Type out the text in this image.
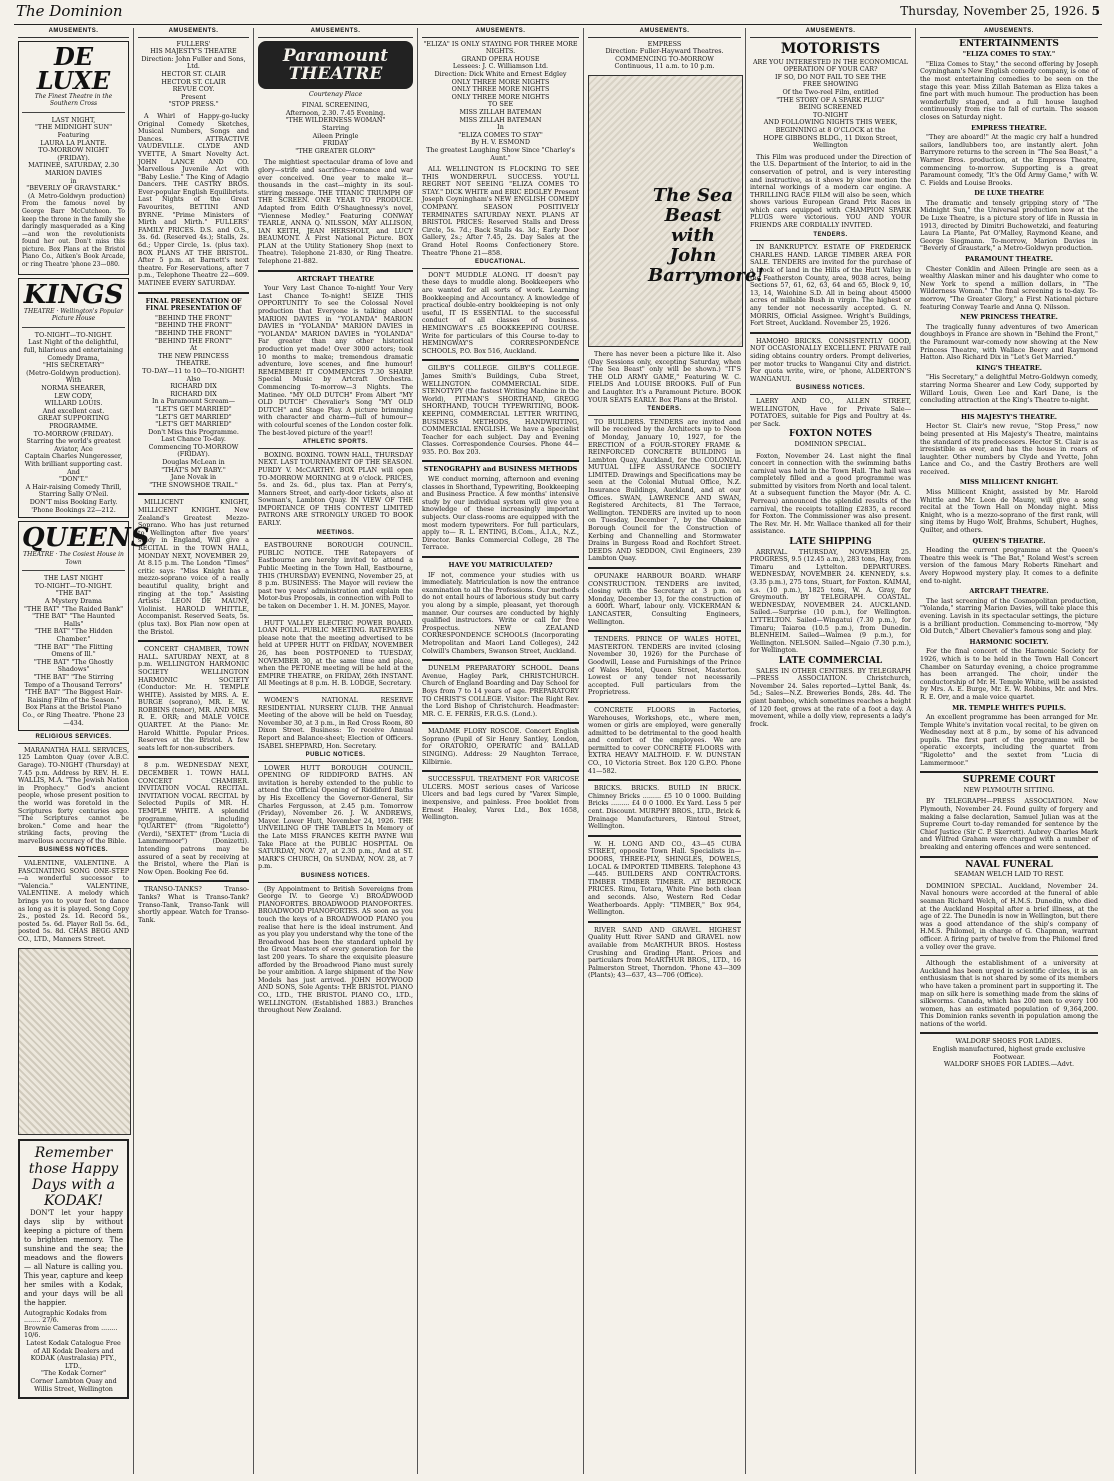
The Dominion	Thursday, November 25, 1926. 5
AMUSEMENTS.
DE LUXE
The Finest Theatre in the Southern Cross
LAST NIGHT,
"THE MIDNIGHT SUN"
Featuring
LAURA LA PLANTE.
TO-MORROW NIGHT
(FRIDAY).
MATINEE, SATURDAY, 2.30
MARION DAVIES
in
"BEVERLY OF GRAVSTARK."

(A Metro-Goldwyn production) From the famous novel by George Barr McCutcheon. To keep the throne in the family she daringly masqueraded as a King—and won the revolutionists found her out. Don't miss this picture. Box Plans at the Bristol Piano Co., Aitken's Book Arcade, or ring Theatre 'phone 23—080.

KINGS
THEATRE · Wellington's Popular Picture House
TO-NIGHT—TO-NIGHT.
Last Night of the delightful, full, hilarious and entertaining Comedy Drama,
"HIS SECRETARY"
(Metro-Goldwyn production).
With
NORMA SHEARER,
LEW CODY,
WILLARD LOUIS.
And excellent cast.
GREAT SUPPORTING PROGRAMME.
TO-MORROW (FRIDAY).
Starring the world's greatest Aviator, Ace
Captain Charles Nungeresser,
With brilliant supporting cast.
And
"DON'T."
A Hair-raising Comedy Thrill,
Starring Sally O'Neil.
DON'T miss Booking Early.
'Phone Bookings 22—212.
QUEENS
THEATRE · The Cosiest House in Town
THE LAST NIGHT
TO-NIGHT—TO-NIGHT.
"THE BAT"
A Mystery Drama
"THE BAT" "The Raided Bank"
"THE BAT" "The Haunted Halls"
"THE BAT" "The Hidden Chamber."
"THE BAT" "The Flitting Omens of Ill."
"THE BAT" "The Ghostly Shadows"
"THE BAT" "The Stirring Tempo of a Thousand Terrors"
"THE BAT" "The Biggest Hair-Raising Film of the Season."
Box Plans at the Bristol Piano Co., or Ring Theatre. 'Phone 23—434.
RELIGIOUS SERVICES.

MARANATHA HALL SERVICES, 125 Lambton Quay (over A.B.C. Garage). TO-NIGHT (Thursday) at 7.45 p.m. Address by REV. H. E. WALLIS, M.A. "The Jewish Nation in Prophecy." God's ancient people, whose present position to the world was foretold in the Scriptures forty centuries ago. "The Scriptures cannot be broken." Come and hear the striking facts, proving the marvellous accuracy of the Bible.

BUSINESS NOTICES.

VALENTINE, VALENTINE. A FASCINATING SONG ONE-STEP—a wonderful successor to "Valencia." VALENTINE, VALENTINE. A melody which brings you to your feet to dance as long as it is played. Song Copy 2s., posted 2s. 1d. Record 5s., posted 5s. 6d. Player Roll 5s. 6d., posted 5s. 8d. CHAS BEGG AND CO., LTD., Manners Street.

Remember those Happy Days with a KODAK!

DON'T let your happy days slip by without keeping a picture of them to brighten memory. The sunshine and the sea; the meadows and the flowers — all Nature is calling you. This year, capture and keep her smiles with a Kodak, and your days will be all the happier.

Autographic Kodaks from ........ 27/6.
Brownie Cameras from ........ 10/6.
Latest Kodak Catalogue Free of All Kodak Dealers and
KODAK (Australasia) PTY., LTD.,
"The Kodak Corner"
Corner Lambton Quay and Willis Street, Wellington
AMUSEMENTS.
FULLERS'
HIS MAJESTY'S THEATRE
Direction: John Fuller and Sons, Ltd.
HECTOR ST. CLAIR
HECTOR ST. CLAIR
REVUE COY.
Present
"STOP PRESS."

A Whirl of Happy-go-lucky Original Comedy Sketches, Musical Numbers, Songs and Dances. ATTRACTIVE VAUDEVILLE. CLYDE AND YVETTE, A Smart Novelty Act. JOHN LANCE AND CO. Marvellous Juvenile Act with "Baby Leslie." The King of Adagio Dancers. THE CASTRY BROS. Ever-popular English Equilibrists. Last Nights of the Great Favourites, BETTINI AND BYRNE. "Prime Ministers of Mirth and Mirth." FULLERS' FAMILY PRICES. D.S. and O.S., 3s. 6d. (Reserved 4s.); Stalls, 2s. 6d.; Upper Circle, 1s. (plus tax). BOX PLANS AT THE BRISTOL. After 5 p.m. at Barnett's next theatre. For Reservations, after 7 p.m., Telephone Theatre 22—609. MATINEE EVERY SATURDAY.

FINAL PRESENTATION OF FINAL PRESENTATION OF
"BEHIND THE FRONT"
"BEHIND THE FRONT"
"BEHIND THE FRONT"
"BEHIND THE FRONT"
At
THE NEW PRINCESS
THEATRE.
TO-DAY—11 to 10—TO-NIGHT!
Also
RICHARD DIX
RICHARD DIX
In a Paramount Scream—
"LET'S GET MARRIED"
"LET'S GET MARRIED"
"LET'S GET MARRIED"
Don't Miss this Programme.
Last Chance To-day.
Commencing TO-MORROW (FRIDAY).
Douglas McLean in
"THAT'S MY BABY."
Jane Novak in
"THE SNOWSHOE TRAIL."

MILLICENT KNIGHT, MILLICENT KNIGHT. New Zealand's Greatest Mezzo-Soprano. Who has just returned to Wellington after five years' study in England, Will give a RECITAL in the TOWN HALL, MONDAY NEXT, NOVEMBER 29, At 8.15 p.m. The London "Times" critic says: "Miss Knight has a mezzo-soprano voice of a really beautiful quality, bright and ringing at the top." Assisting Artists: LEON DE MAUNY, Violinist. HAROLD WHITTLE, Accompanist. Reserved Seats, 5s. (plus tax). Box Plan now open at the Bristol.

CONCERT CHAMBER, TOWN HALL. SATURDAY NEXT, at 8 p.m. WELLINGTON HARMONIC SOCIETY WELLINGTON HARMONIC SOCIETY (Conductor: Mr. H. TEMPLE WHITE). Assisted by MRS. A. E. BURGE (soprano), MR. E. W. ROBBINS (tenor), MR. AND MRS. R. E. ORR; and MALE VOICE QUARTET. At the Piano: Mr. Harold Whittle. Popular Prices. Reserves at the Bristol. A few seats left for non-subscribers.

8 p.m. WEDNESDAY NEXT, DECEMBER 1. TOWN HALL CONCERT CHAMBER. INVITATION VOCAL RECITAL. INVITATION VOCAL RECITAL by Selected Pupils of MR. H. TEMPLE WHITE. A splendid programme, including "QUARTET" (from "Rigoletto") (Verdi), "SEXTET" (from "Lucia di Lammermoor") (Donizetti). Intending patrons may be assured of a seat by receiving at the Bristol, where the Plan is Now Open. Booking Fee 6d.

TRANSO-TANKS? Transo-Tanks? What is Transo-Tank? Transo-Tank, Transo-Tank will shortly appear. Watch for Transo-Tank.

AMUSEMENTS.
Paramount THEATRE
Courtenay Place
FINAL SCREENING,
Afternoon, 2.30. 7.45 Evening.
"THE WILDERNESS WOMAN"
Starring
Aileen Pringle
FRIDAY
"THE GREATER GLORY"

The mightiest spectacular drama of love and glory—strife and sacrifice—romance and war ever conceived. One year to make it—thousands in the cast—mighty in its soul-stirring message. THE TITANIC TRIUMPH OF THE SCREEN. ONE YEAR TO PRODUCE. Adapted from Edith O'Shaughnessy's novel, "Viennese Medley." Featuring CONWAY TEARLE, ANNA Q. NILSSON, MAY ALLISON, IAN KEITH, JEAN HERSHOLT, and LUCY BEAUMONT. A First National Picture. BOX PLAN at the Utility Stationery Shop (next to Theatre). Telephone 21-830, or Ring Theatre. Telephone 21-882.

ARTCRAFT THEATRE

Your Very Last Chance To-night! Your Very Last Chance To-night! SEIZE THIS OPPORTUNITY To see the Colossal Novel production that Everyone is talking about! MARION DAVIES in "YOLANDA" MARION DAVIES in "YOLANDA" MARION DAVIES in "YOLANDA" MARION DAVIES in "YOLANDA" Far greater than any other historical production yet made! Over 3000 actors; took 10 months to make; tremendous dramatic adventure, love scenes, and fine humour! REMEMBER! IT COMMENCES 7.30 SHARP. Special Music by Artcraft Orchestra. Commencing To-morrow—3 Nights. The Matinee. "MY OLD DUTCH" From Albert "MY OLD DUTCH" Chevalier's Song "MY OLD DUTCH" and Stage Play. A picture brimming with character and charm—full of humour—with colourful scenes of the London coster folk. The best-loved picture of the year!!

ATHLETIC SPORTS.

BOXING. BOXING. TOWN HALL, THURSDAY NEXT. LAST TOURNAMENT OF THE SEASON. PURDY V. McCARTHY. BOX PLAN will open TO-MORROW MORNING at 9 o'clock. PRICES, 5s. and 2s. 6d., plus tax. Plan at Perry's, Manners Street, and early-door tickets, also at Sowman's, Lambton Quay. IN VIEW OF THE IMPORTANCE OF THIS CONTEST LIMITED PATRONS ARE STRONGLY URGED TO BOOK EARLY.

MEETINGS.

EASTBOURNE BOROUGH COUNCIL. PUBLIC NOTICE. THE Ratepayers of Eastbourne are hereby invited to attend a Public Meeting in the Town Hall, Eastbourne, THIS (THURSDAY) EVENING, November 25, at 8 p.m. BUSINESS: The Mayor will review the past two years' administration and explain the Motor-bus Proposals, in connection with Poll to be taken on December 1. H. M. JONES, Mayor.

HUTT VALLEY ELECTRIC POWER BOARD. LOAN POLL. PUBLIC MEETING. RATEPAYERS please note that the meeting advertised to be held at UPPER HUTT on FRIDAY, NOVEMBER 26, has been POSTPONED to TUESDAY, NOVEMBER 30, at the same time and place, when the PETONE meeting will be held at the EMPIRE THEATRE, on FRIDAY, 26th INSTANT. All Meetings at 8 p.m. H. B. LODGE, Secretary.

WOMEN'S NATIONAL RESERVE RESIDENTIAL NURSERY CLUB. THE Annual Meeting of the above will be held on Tuesday, November 30, at 3 p.m., in Red Cross Room, 80 Dixon Street. Business: To receive Annual Report and Balance-sheet; Election of Officers. ISABEL SHEPPARD, Hon. Secretary.

PUBLIC NOTICES.

LOWER HUTT BOROUGH COUNCIL. OPENING OF RIDDIFORD BATHS. AN invitation is hereby extended to the public to attend the Official Opening of Riddiford Baths by His Excellency the Governor-General, Sir Charles Fergusson, at 2.45 p.m. Tomorrow (Friday), November 26. J. W. ANDREWS, Mayor. Lower Hutt, November 24, 1926. THE UNVEILING OF THE TABLETS In Memory of the Late MISS FRANCES KEITH PAYNE Will Take Place at the PUBLIC HOSPITAL On SATURDAY, NOV. 27, at 2.30 p.m., And at ST. MARK'S CHURCH, On SUNDAY, NOV. 28, at 7 p.m.

BUSINESS NOTICES.

(By Appointment to British Sovereigns from George IV. to George V.) BROADWOOD PIANOFORTES. BROADWOOD PIANOFORTES. BROADWOOD PIANOFORTES. AS soon as you touch the keys of a BROADWOOD PIANO you realise that here is the ideal instrument. And as you play you understand why the tone of the Broadwood has been the standard upheld by the Great Masters of every generation for the last 200 years. To share the exquisite pleasure afforded by the Broadwood Piano must surely be your ambition. A large shipment of the New Models has just arrived. JOHN HOYWOOD AND SONS, Sole Agents: THE BRISTOL PIANO CO., LTD., THE BRISTOL PIANO CO., LTD., WELLINGTON. (Established 1883.) Branches throughout New Zealand.

AMUSEMENTS.
"ELIZA" IS ONLY STAYING FOR THREE MORE NIGHTS.
GRAND OPERA HOUSE
Lessees: J. C. Williamson Ltd.
Direction: Dick White and Ernest Edgley
ONLY THREE MORE NIGHTS
ONLY THREE MORE NIGHTS
ONLY THREE MORE NIGHTS
TO SEE
MISS ZILLAH BATEMAN
MISS ZILLAH BATEMAN
In
"ELIZA COMES TO STAY"
By H. V. ESMOND
The greatest Laughing Show Since "Charley's Aunt."

ALL WELLINGTON IS FLOCKING TO SEE THIS WONDERFUL SUCCESS. YOU'LL REGRET NOT SEEING "ELIZA COMES TO STAY." DICK WHITE and ERIC EDGLEY Present Joseph Coyningham's NEW ENGLISH COMEDY COMPANY. SEASON POSITIVELY TERMINATES SATURDAY NEXT. PLANS AT BRISTOL PRICES: Reserved Stalls and Dress Circle, 5s. 7d.; Back Stalls 4s. 3d.; Early Door Gallery, 2s.; After 7.45, 2s. Day Sales at the Grand Hotel Rooms Confectionery Store. Theatre 'Phone 21—858.

EDUCATIONAL.

DON'T MUDDLE ALONG. IT doesn't pay these days to muddle along. Bookkeepers who are wanted for all sorts of work. Learning Bookkeeping and Accountancy. A knowledge of practical double-entry bookkeeping is not only useful, IT IS ESSENTIAL to the successful conduct of all classes of business. HEMINGWAY'S .£5 BOOKKEEPING COURSE. Write for particulars of this Course to-day to HEMINGWAY'S CORRESPONDENCE SCHOOLS, P.O. Box 516, Auckland.

GILBY'S COLLEGE. GILBY'S COLLEGE. James Smith's Buildings, Cuba Street, WELLINGTON. COMMERCIAL SIDE. STENOTYPY (the fastest Writing Machine in the World), PITMAN'S SHORTHAND, GREGG SHORTHAND, TOUCH TYPEWRITING, BOOK-KEEPING, COMMERCIAL LETTER WRITING, BUSINESS METHODS, HANDWRITING, COMMERCIAL ENGLISH. We have a Specialist Teacher for each subject. Day and Evening Classes. Correspondence Courses. Phone 44—935. P.O. Box 203.

STENOGRAPHY and BUSINESS METHODS

WE conduct morning, afternoon and evening classes in Shorthand, Typewriting, Bookkeeping and Business Practice. A few months' intensive study by our individual system will give you a knowledge of these increasingly important subjects. Our class-rooms are equipped with the most modern typewriters. For full particulars, apply to— R. L. ENTING, B.Com., A.I.A., N.Z., Director. Banks Commercial College, 28 The Terrace.

HAVE YOU MATRICULATED?

IF not, commence your studies with us immediately. Matriculation is now the entrance examination to all the Professions. Our methods do not entail hours of laborious study but carry you along by a simple, pleasant, yet thorough manner. Our courses are conducted by highly qualified instructors. Write or call for free Prospectus. NEW ZEALAND CORRESPONDENCE SCHOOLS (Incorporating Metropolitan and Maori Land Colleges), 242 Colwill's Chambers, Swanson Street, Auckland.

DUNELM PREPARATORY SCHOOL. Deans Avenue, Hagley Park, CHRISTCHURCH. Church of England Boarding and Day School for Boys from 7 to 14 years of age. PREPARATORY TO CHRIST'S COLLEGE. Visitor: The Right Rev. the Lord Bishop of Christchurch. Headmaster: MR. C. E. FERRIS, F.R.G.S. (Lond.).

MADAME FLORY ROSCOE. Concert English Soprano (Pupil of Sir Henry Santley, London, for ORATORIO, OPERATIC and BALLAD SINGING). Address: 29 Naughton Terrace, Kilbirnie.

SUCCESSFUL TREATMENT FOR VARICOSE ULCERS. MOST serious cases of Varicose Ulcers and bad legs cured by "Varex Simple, inexpensive, and painless. Free booklet from Ernest Healey, Varex Ltd., Box 1658, Wellington.

AMUSEMENTS.
EMPRESS
Direction: Fuller-Hayward Theatres.
COMMENCING TO-MORROW
Continuous, 11 a.m. to 10 p.m.
The Sea Beast with John Barrymore!

There has never been a picture like it. Also (Day Sessions only, excepting Saturday, when "The Sea Beast" only will be shown.) "IT'S THE OLD ARMY GAME," Featuring W. C. FIELDS And LOUISE BROOKS. Full of Fun and Laughter. It's a Paramount Picture. BOOK YOUR SEATS EARLY. Box Plans at the Bristol.

TENDERS.

TO BUILDERS. TENDERS are invited and will be received by the Architects up to Noon of Monday, January 10, 1927, for the ERECTION of a FOUR-STOREY FRAME & REINFORCED CONCRETE BUILDING in Lambton Quay, Auckland, for the COLONIAL MUTUAL LIFE ASSURANCE SOCIETY LIMITED. Drawings and Specifications may be seen at the Colonial Mutual Office, N.Z. Insurance Buildings, Auckland, and at our Offices. SWAN, LAWRENCE AND SWAN, Registered Architects, 81 The Terrace, Wellington. TENDERS are invited up to noon on Tuesday, December 7, by the Ohakune Borough Council for the Construction of Kerbing and Channelling and Stormwater Drains in Burgess Road and Rochfort Street. DEEDS AND SEDDON, Civil Engineers, 239 Lambton Quay.

OPUNAKE HARBOUR BOARD. WHARF CONSTRUCTION. TENDERS are invited, closing with the Secretary at 3 p.m. on Monday, December 13, for the construction of a 600ft. Wharf, labour only. VICKERMAN & LANCASTER, Consulting Engineers, Wellington.

TENDERS. PRINCE OF WALES HOTEL, MASTERTON. TENDERS are invited (closing November 30, 1926) for the Purchase of Goodwill, Lease and Furnishings of the Prince of Wales Hotel, Queen Street, Masterton. Lowest or any tender not necessarily accepted. Full particulars from the Proprietress.

CONCRETE FLOORS in Factories, Warehouses, Workshops, etc., where men, women or girls are employed, were generally admitted to be detrimental to the good health and comfort of the employees. We are permitted to cover CONCRETE FLOORS with EXTRA HEAVY MALTHOID. F. W. DUNSTAN CO., 10 Victoria Street. Box 120 G.P.O. Phone 41—582.

BRICKS. BRICKS. BUILD IN BRICK. Chimney Bricks ......... £5 10 0 1000. Building Bricks ......... £4 0 0 1000. Ex Yard. Less 5 per cent. Discount. MURPHY BROS., LTD., Brick & Drainage Manufacturers, Rintoul Street, Wellington.

W. H. LONG AND CO., 43—45 CUBA STREET, opposite Town Hall. Specialists in— DOORS, THREE-PLY, SHINGLES, DOWELS, LOCAL & IMPORTED TIMBERS. Telephone 43—445. BUILDERS AND CONTRACTORS. TIMBER TIMBER TIMBER. AT BEDROCK PRICES. Rimu, Totara, White Pine both clean and seconds. Also, Western Red Cedar Weatherboards. Apply: "TIMBER," Box 954, Wellington.

RIVER SAND AND GRAVEL. HIGHEST Quality Hutt River SAND and GRAVEL now available from McARTHUR BROS. Hostess Crushing and Grading Plant. Prices and particulars from McARTHUR BROS., LTD., 16 Palmerston Street, Thorndon. 'Phone 43—309 (Plants); 43—637, 43—706 (Office).

AMUSEMENTS.
MOTORISTS
ARE YOU INTERESTED IN THE ECONOMICAL OPERATION OF YOUR CAR?
IF SO, DO NOT FAIL TO SEE THE
FREE SHOWING
Of the Two-reel Film, entitled
"THE STORY OF A SPARK PLUG"
BEING SCREENED
TO-NIGHT
AND FOLLOWING NIGHTS THIS WEEK, BEGINNING at 8 O'CLOCK at the
HOPE GIBBONS BLDG., 11 Dixon Street, Wellington

This Film was produced under the Direction of the U.S. Department of the Interior, to aid in the conservation of petrol, and is very interesting and instructive, as it shows by slow motion the internal workings of a modern car engine. A THRILLING RACE FILM will also be seen, which shows various European Grand Prix Races in which cars equipped with CHAMPION SPARK PLUGS were victorious. YOU AND YOUR FRIENDS ARE CORDIALLY INVITED.

TENDERS.

IN BANKRUPTCY. ESTATE OF FREDERICK CHARLES HAND. LARGE TIMBER AREA FOR SALE. TENDERS are invited for the purchase of a block of land in the Hills of the Hutt Valley in the Featherston County, area, 9038 acres, being Sections 57, 61, 62, 63, 64 and 65, Block 9, 10, 13, 14, Waiohine S.D. All in being about 45000 acres of millable Bush in virgin. The highest or any tender not necessarily accepted. G. N. MORRIS, Official Assignee. Wright's Buildings, Fort Street, Auckland. November 25, 1926.

HAMOHO BRICKS. CONSISTENTLY GOOD, NOT OCCASIONALLY EXCELLENT. PRIVATE rail siding obtains country orders. Prompt deliveries, per motor trucks to Wanganui City and district. For quota write, wire, or 'phone, ALDERTON'S WANGANUI.

BUSINESS NOTICES.

LAERY AND CO., ALLEN STREET, WELLINGTON, Have for Private Sale— POTATOES, suitable for Pigs and Poultry at 4s. per Sack.

FOXTON NOTES
DOMINION SPECIAL.

Foxton, November 24. Last night the final concert in connection with the swimming baths carnival was held in the Town Hall. The hall was completely filled and a good programme was submitted by visitors from North and local talent. At a subsequent function the Mayor (Mr. A. C. Perreau) announced the splendid results of the carnival, the receipts totalling £2835, a record for Foxton. The Commissioner was also present. The Rev. Mr. H. Mr. Wallace thanked all for their assistance.

LATE SHIPPING

ARRIVAL. THURSDAY, NOVEMBER 25. PROGRESS, 9.5 (12.45 a.m.), 283 tons, Hay, from Timaru and Lyttelton. DEPARTURES. WEDNESDAY, NOVEMBER 24. KENNEDY, s.s. (3.35 p.m.), 275 tons, Stuart, for Foxton. KAIMAI, s.s. (10 p.m.), 1825 tons, W. A. Gray, for Greymouth. BY TELEGRAPH. COASTAL. WEDNESDAY, NOVEMBER 24. AUCKLAND. Sailed.—Surprise (10 p.m.), for Wellington. LYTTELTON. Sailed—Wingatui (7.30 p.m.), for Timaru; Taiaroa (10.5 p.m.), from Dunedin. BLENHEIM. Sailed—Waimea (9 p.m.), for Wellington. NELSON. Sailed—Ngaio (7.30 p.m.), for Wellington.

LATE COMMERCIAL

SALES IN OTHER CENTRES. BY TELEGRAPH—PRESS ASSOCIATION. Christchurch, November 24. Sales reported—Lyttel Bank, 4s. 5d.; Sales—N.Z. Breweries Bonds, 28s. 4d. The giant bamboo, which sometimes reaches a height of 120 feet, grows at the rate of a foot a day. A movement, while a dolly view, represents a lady's frock.

AMUSEMENTS.
ENTERTAINMENTS
"ELIZA COMES TO STAY."

"Eliza Comes to Stay," the second offering by Joseph Coyningham's New English comedy company, is one of the most entertaining comedies to be seen on the stage this year. Miss Zillah Bateman as Eliza takes a fine part with much humour. The production has been wonderfully staged, and a full house laughed continuously from rise to fall of curtain. The season closes on Saturday night.

EMPRESS THEATRE.

"They are aboard!" At the magic cry half a hundred sailors, landlubbers too, are instantly alert. John Barrymore returns to the screen in "The Sea Beast," a Warner Bros. production, at the Empress Theatre, commencing to-morrow. Supporting is a great Paramount comedy, "It's the Old Army Game," with W. C. Fields and Louise Brooks.

DE LUXE THEATRE

The dramatic and tensely gripping story of "The Midnight Sun," the Universal production now at the De Luxe Theatre, is a picture story of life in Russia in 1913, directed by Dimitri Buchowetzki, and featuring Laura La Plante, Pat O'Malley, Raymond Keane, and George Siegmann. To-morrow, Marion Davies in "Beverly of Graustark," a Metro-Goldwyn production.

PARAMOUNT THEATRE.

Chester Conklin and Aileen Pringle are seen as a wealthy Alaskan miner and his daughter who come to New York to spend a million dollars, in "The Wilderness Woman." The final screening is to-day. To-morrow, "The Greater Glory," a First National picture featuring Conway Tearle and Anna Q. Nilsson.

NEW PRINCESS THEATRE.

The tragically funny adventures of two American doughboys in France are shown in "Behind the Front," the Paramount war-comedy now showing at the New Princess Theatre, with Wallace Beery and Raymond Hatton. Also Richard Dix in "Let's Get Married."

KING'S THEATRE.

"His Secretary," a delightful Metro-Goldwyn comedy, starring Norma Shearer and Lew Cody, supported by Willard Louis, Gwen Lee and Karl Dane, is the concluding attraction at the King's Theatre to-night.

HIS MAJESTY'S THEATRE.

Hector St. Clair's new revue, "Stop Press," now being presented at His Majesty's Theatre, maintains the standard of its predecessors. Hector St. Clair is as irresistible as ever, and has the house in roars of laughter. Other numbers by Clyde and Yvette, John Lance and Co., and the Castry Brothers are well received.

MISS MILLICENT KNIGHT.

Miss Millicent Knight, assisted by Mr. Harold Whittle and Mr. Leon de Mauny, will give a song recital at the Town Hall on Monday night. Miss Knight, who is a mezzo-soprano of the first rank, will sing items by Hugo Wolf, Brahms, Schubert, Hughes, Quilter, and others.

QUEEN'S THEATRE.

Heading the current programme at the Queen's Theatre this week is "The Bat," Roland West's screen version of the famous Mary Roberts Rinehart and Avery Hopwood mystery play. It comes to a definite end to-night.

ARTCRAFT THEATRE.

The last screening of the Cosmopolitan production, "Yolanda," starring Marion Davies, will take place this evening. Lavish in its spectacular settings, the picture is a brilliant production. Commencing to-morrow, "My Old Dutch," Albert Chevalier's famous song and play.

HARMONIC SOCIETY.

For the final concert of the Harmonic Society for 1926, which is to be held in the Town Hall Concert Chamber on Saturday evening, a choice programme has been arranged. The choir, under the conductorship of Mr. H. Temple White, will be assisted by Mrs. A. E. Burge, Mr. E. W. Robbins, Mr. and Mrs. R. E. Orr, and a male voice quartet.

MR. TEMPLE WHITE'S PUPILS.

An excellent programme has been arranged for Mr. Temple White's invitation vocal recital, to be given on Wednesday next at 8 p.m., by some of his advanced pupils. The first part of the programme will be operatic excerpts, including the quartet from "Rigoletto" and the sextet from "Lucia di Lammermoor."

SUPREME COURT
NEW PLYMOUTH SITTING.

BY TELEGRAPH—PRESS ASSOCIATION. New Plymouth, November 24. Found guilty of forgery and making a false declaration, Samuel Julian was at the Supreme Court to-day remanded for sentence by the Chief Justice (Sir C. P. Skerrett). Aubrey Charles Mark and Wilfred Graham were charged with a number of breaking and entering offences and were sentenced.

NAVAL FUNERAL
SEAMAN WELCH LAID TO REST.

DOMINION SPECIAL. Auckland, November 24. Naval honours were accorded at the funeral of able seaman Richard Welch, of H.M.S. Dunedin, who died at the Auckland Hospital after a brief illness, at the age of 22. The Dunedin is now in Wellington, but there was a good attendance of the ship's company of H.M.S. Philomel, in charge of G. Chapman, warrant officer. A firing party of twelve from the Philomel fired a volley over the grave.

Although the establishment of a university at Auckland has been urged in scientific circles, it is an enthusiasm that is not shared by some of its members who have taken a prominent part in supporting it. The map on silk here is something made from the skins of silkworms. Canada, which has 200 men to every 100 women, has an estimated population of 9,364,200. This Dominion ranks seventh in population among the nations of the world.

WALDORF SHOES FOR LADIES.
English manufactured, highest grade exclusive Footwear.
WALDORF SHOES FOR LADIES.—Advt.
